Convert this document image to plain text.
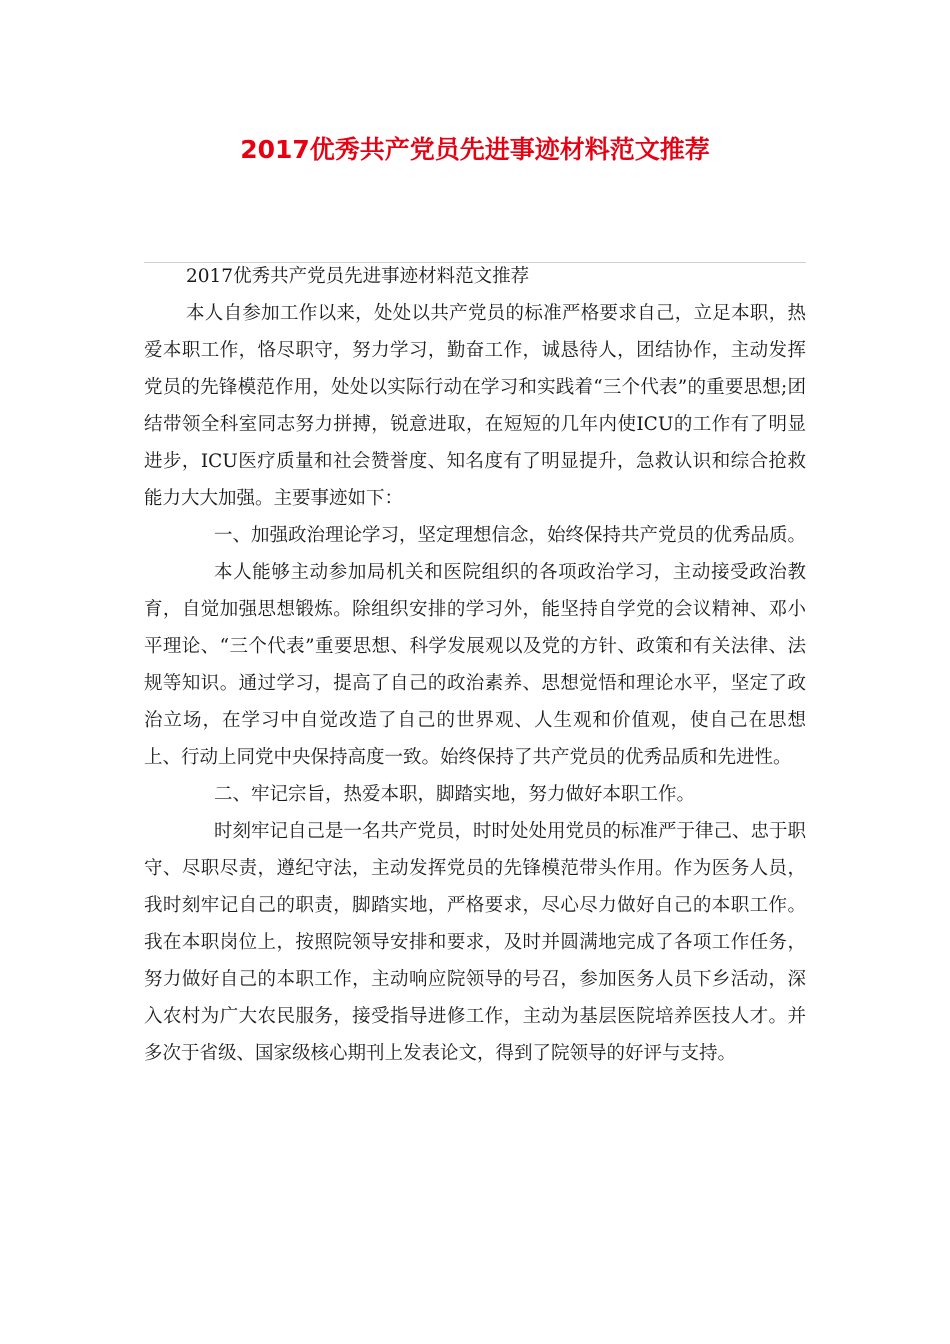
2017优秀共产党员先进事迹材料范文推荐

2017优秀共产党员先进事迹材料范文推荐

本人自参加工作以来，处处以共产党员的标准严格要求自己，立足本职，热爱本职工作，恪尽职守，努力学习，勤奋工作，诚恳待人，团结协作，主动发挥党员的先锋模范作用，处处以实际行动在学习和实践着“三个代表”的重要思想;团结带领全科室同志努力拼搏，锐意进取，在短短的几年内使ICU的工作有了明显进步，ICU医疗质量和社会赞誉度、知名度有了明显提升，急救认识和综合抢救能力大大加强。主要事迹如下：

一、加强政治理论学习，坚定理想信念，始终保持共产党员的优秀品质。

本人能够主动参加局机关和医院组织的各项政治学习，主动接受政治教育，自觉加强思想锻炼。除组织安排的学习外，能坚持自学党的会议精神、邓小平理论、“三个代表”重要思想、科学发展观以及党的方针、政策和有关法律、法规等知识。通过学习，提高了自己的政治素养、思想觉悟和理论水平，坚定了政治立场，在学习中自觉改造了自己的世界观、人生观和价值观，使自己在思想上、行动上同党中央保持高度一致。始终保持了共产党员的优秀品质和先进性。

二、牢记宗旨，热爱本职，脚踏实地，努力做好本职工作。

时刻牢记自己是一名共产党员，时时处处用党员的标准严于律己、忠于职守、尽职尽责，遵纪守法，主动发挥党员的先锋模范带头作用。作为医务人员，我时刻牢记自己的职责，脚踏实地，严格要求，尽心尽力做好自己的本职工作。我在本职岗位上，按照院领导安排和要求，及时并圆满地完成了各项工作任务，努力做好自己的本职工作，主动响应院领导的号召，参加医务人员下乡活动，深入农村为广大农民服务，接受指导进修工作，主动为基层医院培养医技人才。并多次于省级、国家级核心期刊上发表论文，得到了院领导的好评与支持。
